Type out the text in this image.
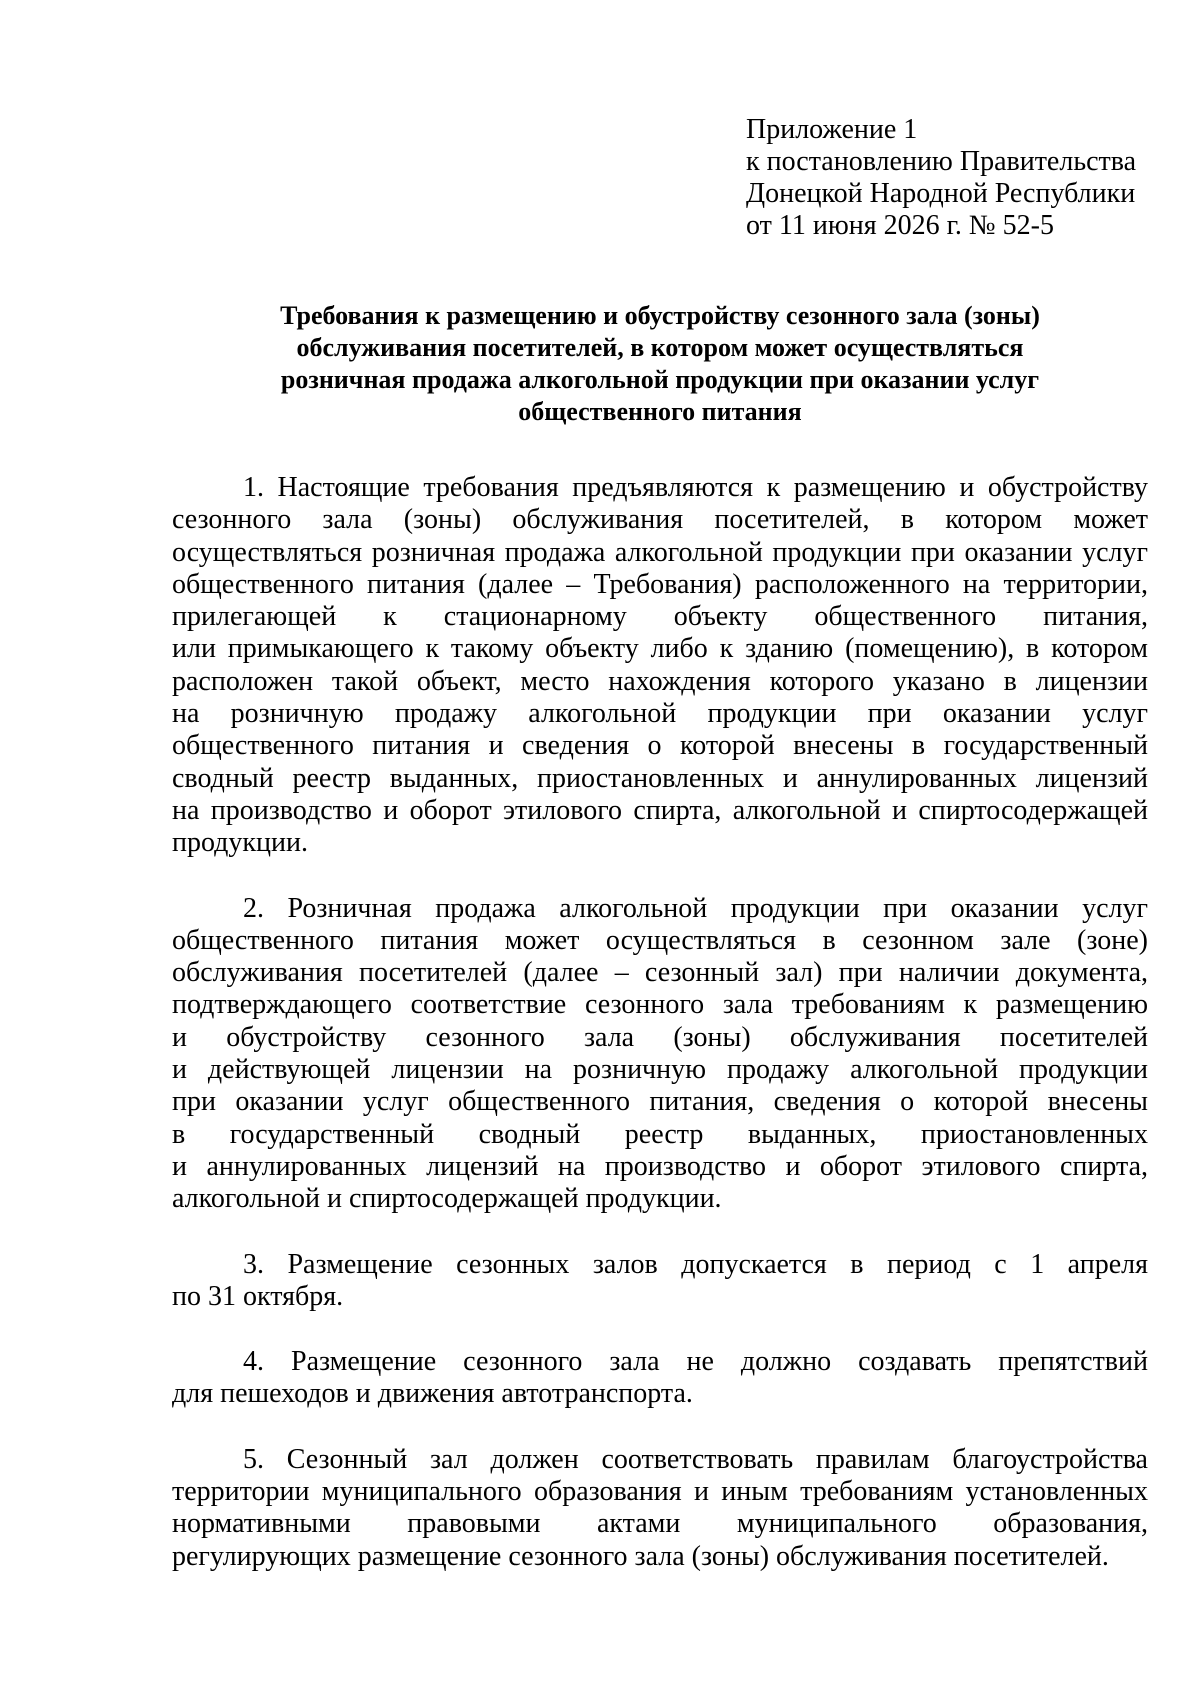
Приложение 1
к постановлению Правительства
Донецкой Народной Республики
от 11 июня 2026 г. № 52-5
Требования к размещению и обустройству сезонного зала (зоны)
обслуживания посетителей, в котором может осуществляться
розничная продажа алкогольной продукции при оказании услуг
общественного питания
1. Настоящие требования предъявляются к размещению и обустройству
сезонного зала (зоны) обслуживания посетителей, в котором может
осуществляться розничная продажа алкогольной продукции при оказании услуг
общественного питания (далее – Требования) расположенного на территории,
прилегающей к стационарному объекту общественного питания,
или примыкающего к такому объекту либо к зданию (помещению), в котором
расположен такой объект, место нахождения которого указано в лицензии
на розничную продажу алкогольной продукции при оказании услуг
общественного питания и сведения о которой внесены в государственный
сводный реестр выданных, приостановленных и аннулированных лицензий
на производство и оборот этилового спирта, алкогольной и спиртосодержащей
продукции.
2. Розничная продажа алкогольной продукции при оказании услуг
общественного питания может осуществляться в сезонном зале (зоне)
обслуживания посетителей (далее – сезонный зал) при наличии документа,
подтверждающего соответствие сезонного зала требованиям к размещению
и обустройству сезонного зала (зоны) обслуживания посетителей
и действующей лицензии на розничную продажу алкогольной продукции
при оказании услуг общественного питания, сведения о которой внесены
в государственный сводный реестр выданных, приостановленных
и аннулированных лицензий на производство и оборот этилового спирта,
алкогольной и спиртосодержащей продукции.
3. Размещение сезонных залов допускается в период с 1 апреля
по 31 октября.
4. Размещение сезонного зала не должно создавать препятствий
для пешеходов и движения автотранспорта.
5. Сезонный зал должен соответствовать правилам благоустройства
территории муниципального образования и иным требованиям установленных
нормативными правовыми актами муниципального образования,
регулирующих размещение сезонного зала (зоны) обслуживания посетителей.
